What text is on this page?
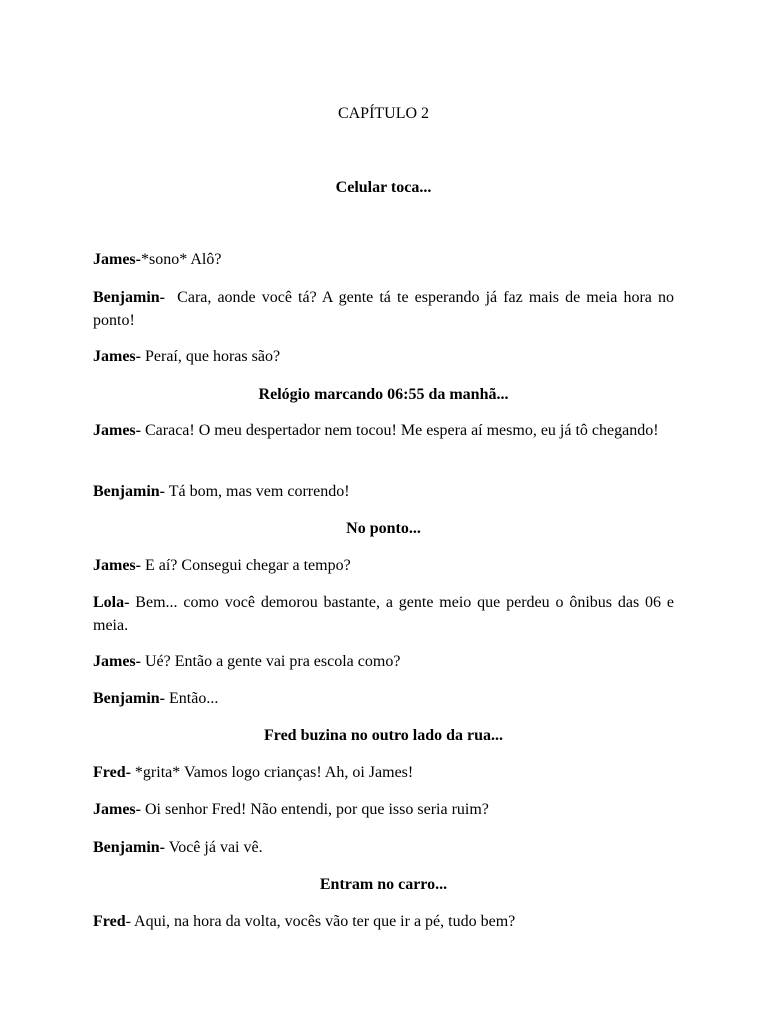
CAPÍTULO 2
Celular toca...
James-*sono* Alô?
Benjamin-  Cara, aonde você tá? A gente tá te esperando já faz mais de meia hora no ponto!
James- Peraí, que horas são?
Relógio marcando 06:55 da manhã...
James- Caraca! O meu despertador nem tocou! Me espera aí mesmo, eu já tô chegando!
Benjamin- Tá bom, mas vem correndo!
No ponto...
James- E aí? Consegui chegar a tempo?
Lola- Bem... como você demorou bastante, a gente meio que perdeu o ônibus das 06 e meia.
James- Ué? Então a gente vai pra escola como?
Benjamin- Então...
Fred buzina no outro lado da rua...
Fred- *grita* Vamos logo crianças! Ah, oi James!
James- Oi senhor Fred! Não entendi, por que isso seria ruim?
Benjamin- Você já vai vê.
Entram no carro...
Fred- Aqui, na hora da volta, vocês vão ter que ir a pé, tudo bem?
